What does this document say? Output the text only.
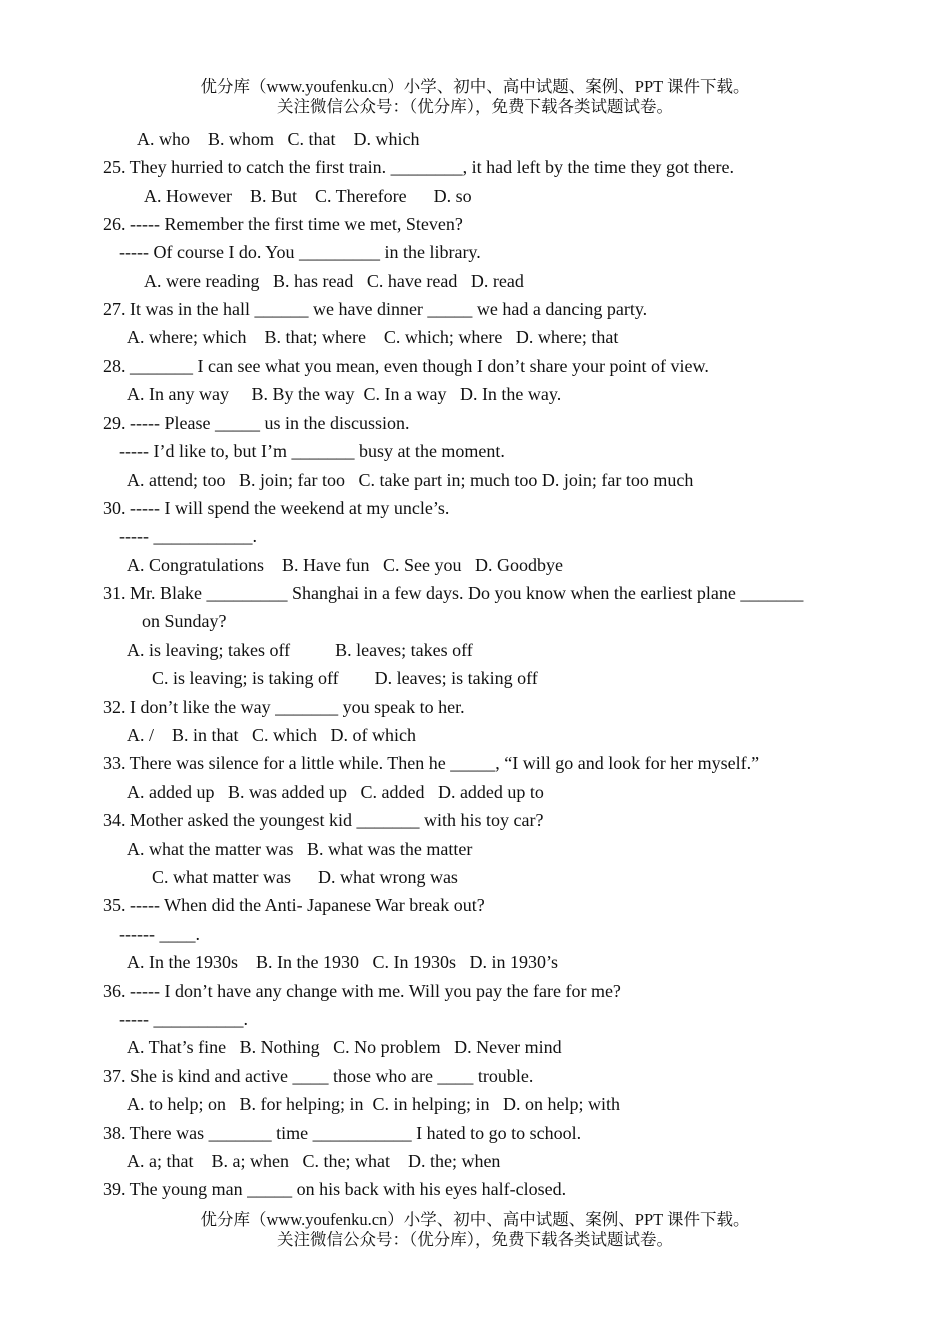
优分库（www.youfenku.cn）小学、初中、高中试题、案例、PPT 课件下载。
关注微信公众号：（优分库），免费下载各类试题试卷。
A. who    B. whom   C. that    D. which
25. They hurried to catch the first train. ________, it had left by the time they got there.
A. However    B. But    C. Therefore      D. so
26. ----- Remember the first time we met, Steven?
----- Of course I do. You _________ in the library.
A. were reading   B. has read   C. have read   D. read
27. It was in the hall ______ we have dinner _____ we had a dancing party.
A. where; which    B. that; where    C. which; where   D. where; that
28. _______ I can see what you mean, even though I don’t share your point of view.
A. In any way     B. By the way  C. In a way   D. In the way.
29. ----- Please _____ us in the discussion.
----- I’d like to, but I’m _______ busy at the moment.
A. attend; too   B. join; far too   C. take part in; much too D. join; far too much
30. ----- I will spend the weekend at my uncle’s.
----- ___________.
A. Congratulations    B. Have fun   C. See you   D. Goodbye
31. Mr. Blake _________ Shanghai in a few days. Do you know when the earliest plane _______
on Sunday?
A. is leaving; takes off          B. leaves; takes off
C. is leaving; is taking off        D. leaves; is taking off
32. I don’t like the way _______ you speak to her.
A. /    B. in that   C. which   D. of which
33. There was silence for a little while. Then he _____, “I will go and look for her myself.”
A. added up   B. was added up   C. added   D. added up to
34. Mother asked the youngest kid _______ with his toy car?
A. what the matter was   B. what was the matter
C. what matter was      D. what wrong was
35. ----- When did the Anti- Japanese War break out?
------ ____.
A. In the 1930s    B. In the 1930   C. In 1930s   D. in 1930’s
36. ----- I don’t have any change with me. Will you pay the fare for me?
----- __________.
A. That’s fine   B. Nothing   C. No problem   D. Never mind
37. She is kind and active ____ those who are ____ trouble.
A. to help; on   B. for helping; in  C. in helping; in   D. on help; with
38. There was _______ time ___________ I hated to go to school.
A. a; that    B. a; when   C. the; what    D. the; when
39. The young man _____ on his back with his eyes half-closed.
优分库（www.youfenku.cn）小学、初中、高中试题、案例、PPT 课件下载。
关注微信公众号：（优分库），免费下载各类试题试卷。
